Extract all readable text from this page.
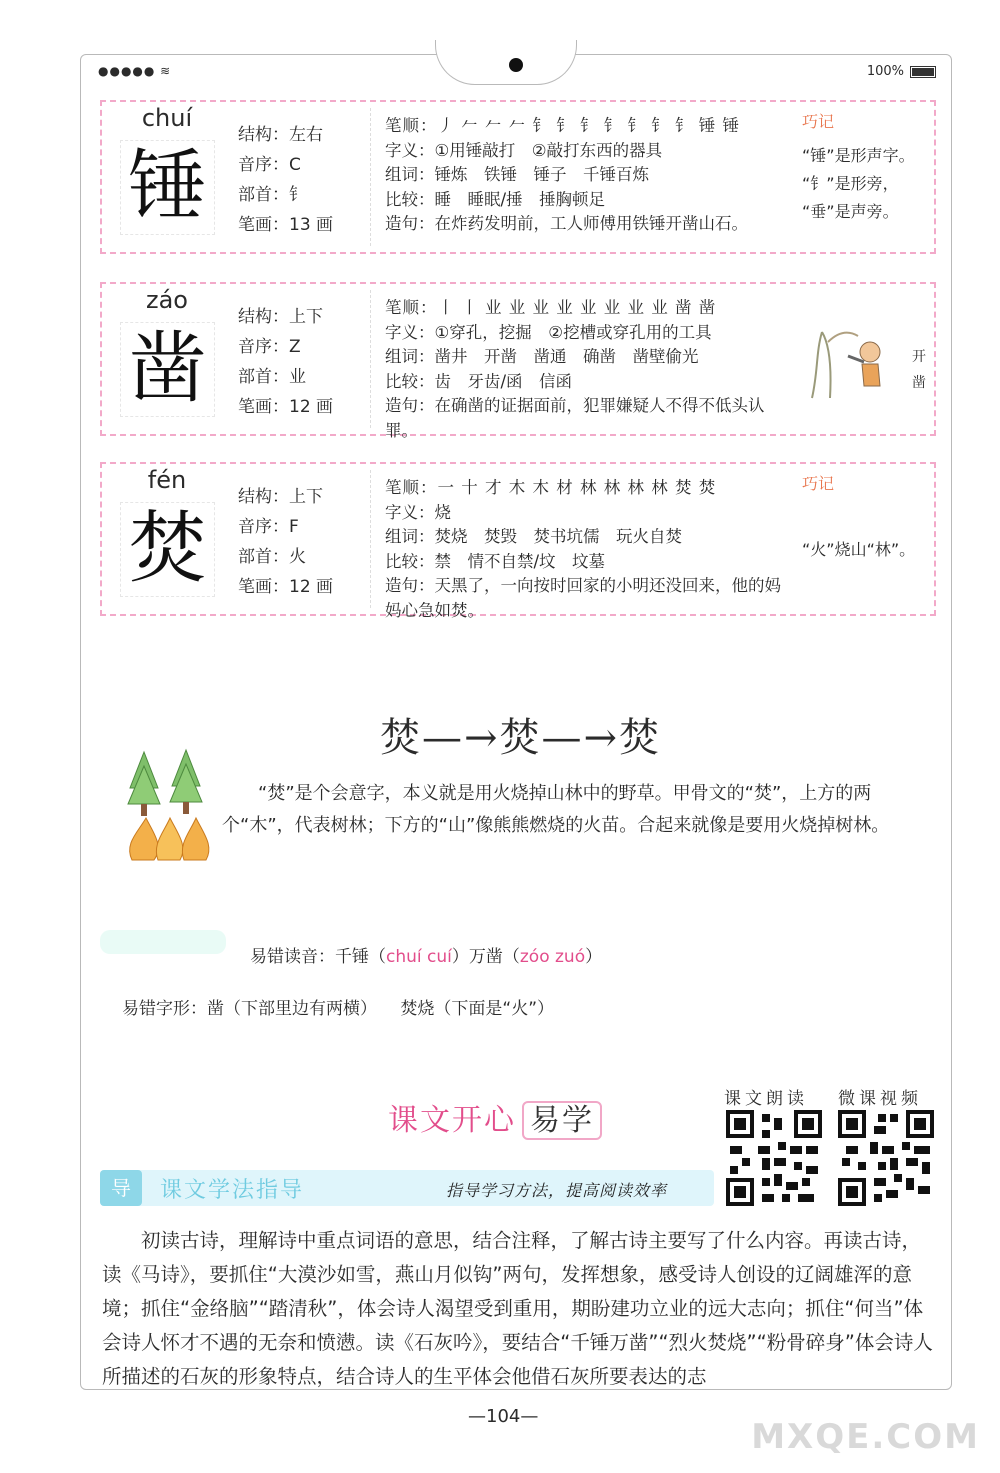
●●●●● ≋	100%
chuí
锤
结构：左右
音序：C
部首：钅
笔画：13 画
笔顺：丿 𠂉 𠂉 𠂉 钅 钅 钅 钅 钅 钅 钅 锤 锤
字义：①用锤敲打　②敲打东西的器具
组词：锤炼　铁锤　锤子　千锤百炼
比较：睡　睡眠/捶　捶胸顿足
造句：在炸药发明前，工人师傅用铁锤开凿山石。
巧记
“锤”是形声字。
“钅”是形旁，
“垂”是声旁。
záo
凿
结构：上下
音序：Z
部首：业
笔画：12 画
笔顺：丨 丨 业 业 业 业 业 业 业 业 凿 凿
字义：①穿孔，挖掘　②挖槽或穿孔用的工具
组词：凿井　开凿　凿通　确凿　凿壁偷光
比较：齿　牙齿/函　信函
造句：在确凿的证据面前，犯罪嫌疑人不得不低头认罪。
开凿
fén
焚
结构：上下
音序：F
部首：火
笔画：12 画
笔顺：一 十 才 木 木 材 林 林 林 林 焚 焚
字义：烧
组词：焚烧　焚毁　焚书坑儒　玩火自焚
比较：禁　情不自禁/坟　坟墓
造句：天黑了，一向按时回家的小明还没回来，他的妈妈心急如焚。
巧记
“火”烧山“林”。
焚—→焚—→焚
“焚”是个会意字，本义就是用火烧掉山林中的野草。甲骨文的“焚”，上方的两个“木”，代表树林；下方的“山”像熊熊燃烧的火苗。合起来就像是要用火烧掉树林。
易错读音：千锤（chuí cuí）万凿（zóo zuó）
易错字形：凿（下部里边有两横） 焚烧（下面是“火”）
课文开心 易学
课文朗读 微课视频
导	课文学法指导	指导学习方法，提高阅读效率
初读古诗，理解诗中重点词语的意思，结合注释，了解古诗主要写了什么内容。再读古诗，读《马诗》，要抓住“大漠沙如雪，燕山月似钩”两句，发挥想象，感受诗人创设的辽阔雄浑的意境；抓住“金络脑”“踏清秋”，体会诗人渴望受到重用，期盼建功立业的远大志向；抓住“何当”体会诗人怀才不遇的无奈和愤懑。读《石灰吟》，要结合“千锤万凿”“烈火焚烧”“粉骨碎身”体会诗人所描述的石灰的形象特点，结合诗人的生平体会他借石灰所要表达的志
—104—
MXQE.COM
